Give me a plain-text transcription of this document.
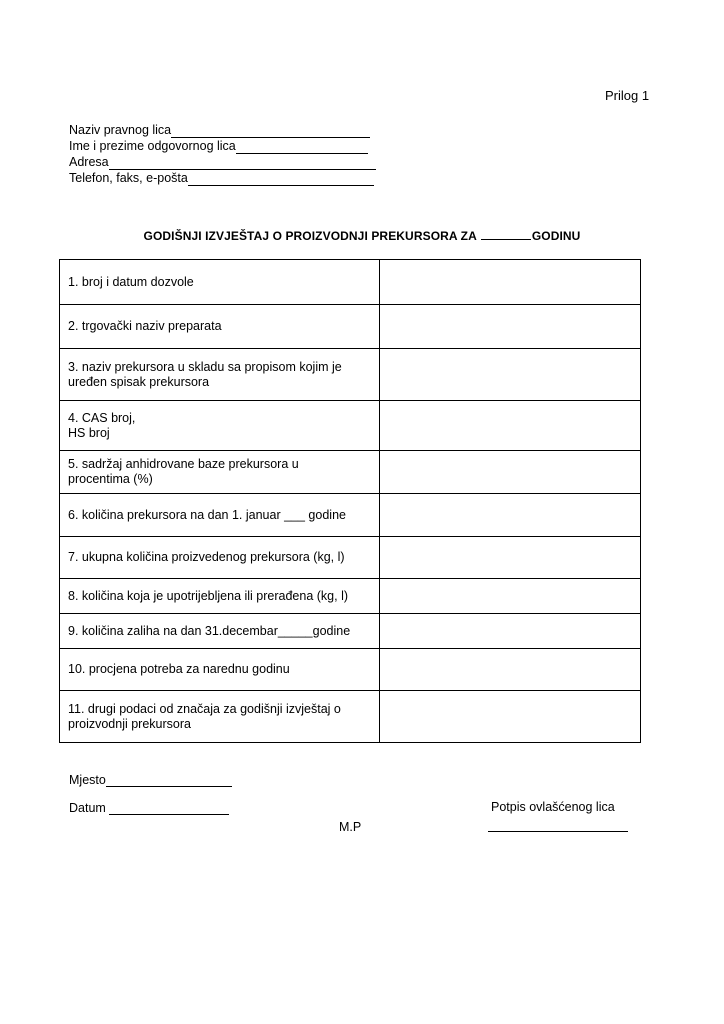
Prilog 1
Naziv pravnog lica
Ime i prezime odgovornog lica
Adresa
Telefon, faks, e-pošta
GODIŠNJI IZVJEŠTAJ O PROIZVODNJI PREKURSORA ZA	GODINU
1. broj i datum dozvole	
2. trgovački naziv preparata	
3. naziv prekursora u skladu sa propisom kojim je
uređen spisak prekursora	
4. CAS broj,
HS broj	
5. sadržaj anhidrovane baze prekursora u
procentima (%)	
6. količina prekursora na dan 1. januar ___ godine	
7. ukupna količina proizvedenog prekursora (kg, l)	
8. količina koja je upotrijebljena ili prerađena (kg, l)	
9. količina zaliha na dan 31.decembar_____godine	
10. procjena potreba za narednu godinu	
11. drugi podaci od značaja za godišnji izvještaj o
proizvodnji prekursora	
Mjesto
Datum
M.P
Potpis ovlašćenog lica
